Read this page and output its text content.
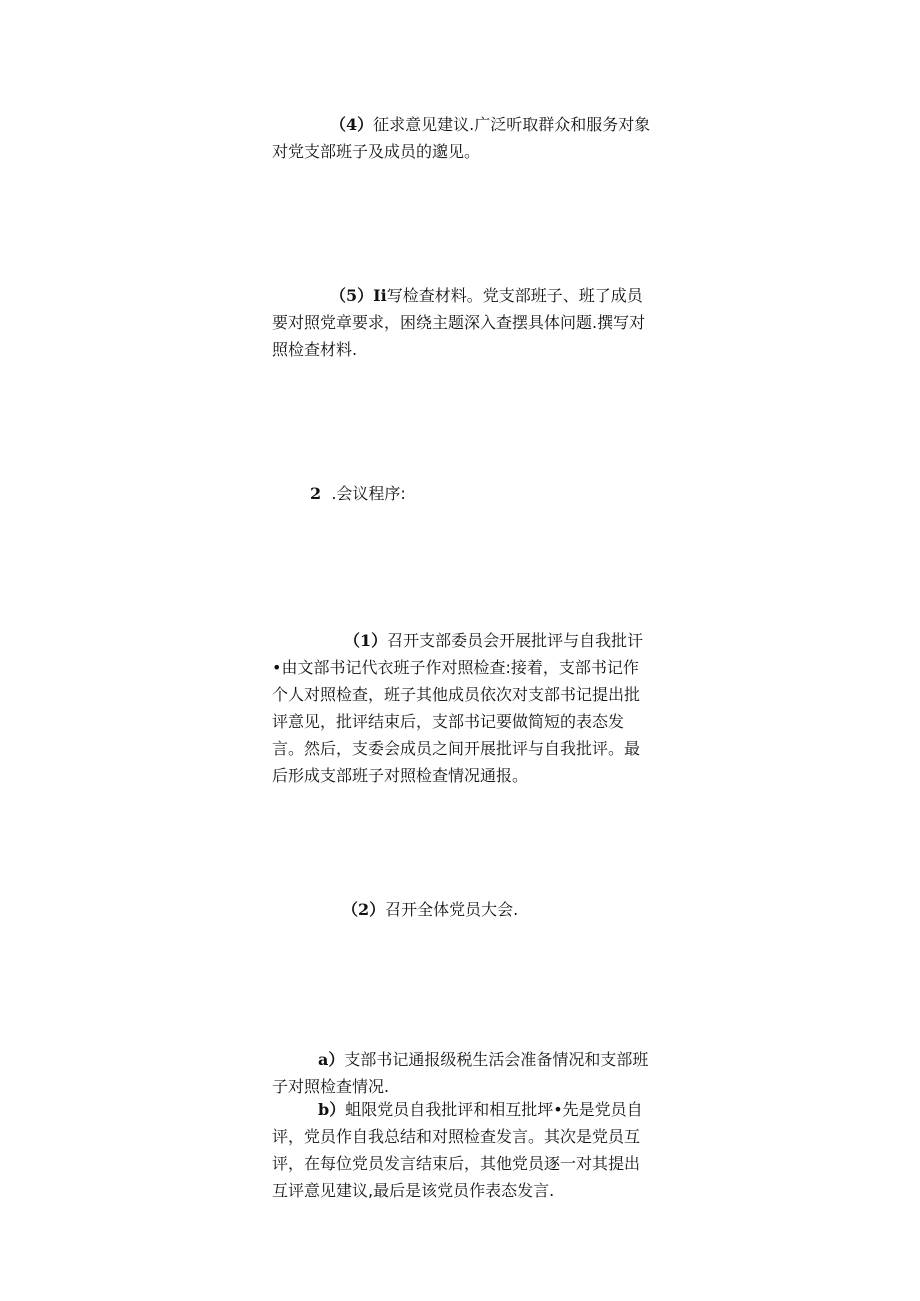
（4）征求意见建议.广泛听取群众和服务对象对党支部班子及成员的邈见。

（5）Ii写检查材料。党支部班子、班了成员要对照党章要求，困绕主题深入查摆具体问题.撰写对照检查材料.

2 .会议程序:

（1）召开支部委员会开展批评与自我批讦•由文部书记代衣班子作对照检查:接着，支部书记作个人对照检查，班子其他成员依次对支部书记提出批评意见，批评结束后，支部书记要做简短的表态发言。然后，支委会成员之间开展批评与自我批评。最后形成支部班子对照检查情况通报。

（2）召开全体党员大会.

a）支部书记通报级税生活会准备情况和支部班子对照检查情况.

b）蛆限党员自我批评和相互批坪•先是党员自评，党员作自我总结和对照检查发言。其次是党员互评，在每位党员发言结束后，其他党员逐一对其提出互评意见建议,最后是该党员作表态发言.
